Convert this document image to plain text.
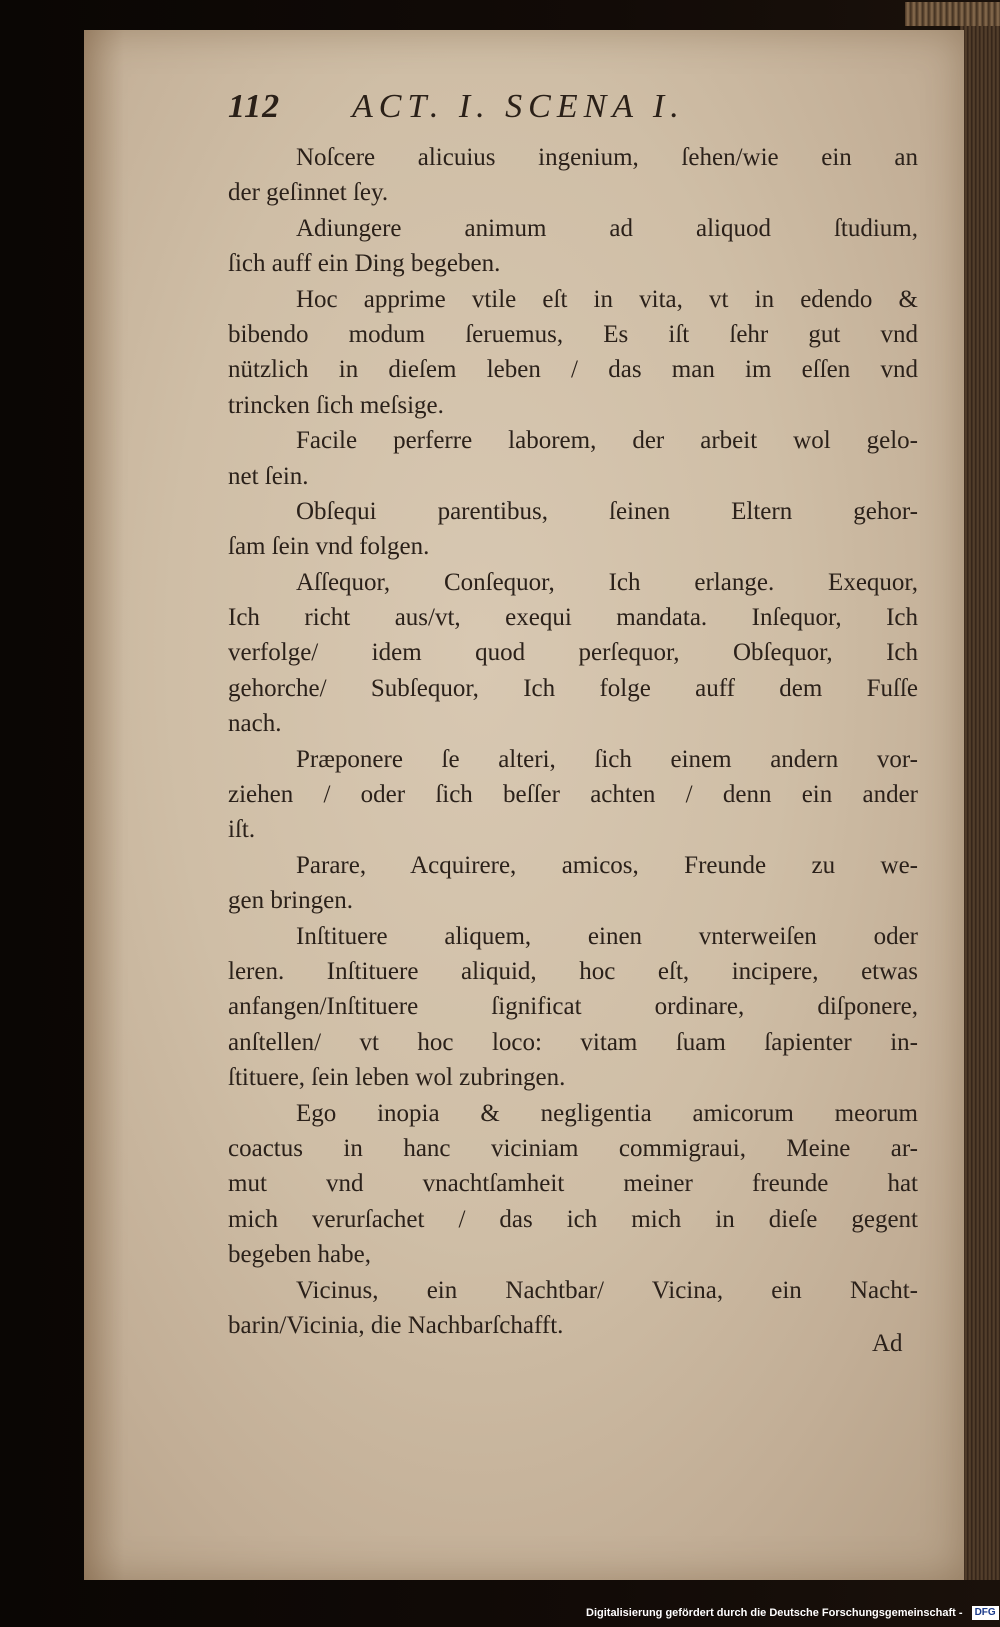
112 ACT. I. SCENA I.
Noſcere alicuius ingenium, ſehen/wie ein an
der geſinnet ſey.
Adiungere animum ad aliquod ſtudium,
ſich auff ein Ding begeben.
Hoc apprime vtile eſt in vita, vt in edendo &
bibendo modum ſeruemus, Es iſt ſehr gut vnd
nützlich in dieſem leben / das man im eſſen vnd
trincken ſich meſsige.
Facile perferre laborem, der arbeit wol gelo-
net ſein.
Obſequi parentibus, ſeinen Eltern gehor-
ſam ſein vnd folgen.
Aſſequor, Conſequor, Ich erlange. Exequor,
Ich richt aus/vt, exequi mandata. Inſequor, Ich
verfolge/ idem quod perſequor, Obſequor, Ich
gehorche/ Subſequor, Ich folge auff dem Fuſſe
nach.
Præponere ſe alteri, ſich einem andern vor-
ziehen / oder ſich beſſer achten / denn ein ander
iſt.
Parare, Acquirere, amicos, Freunde zu we-
gen bringen.
Inſtituere aliquem, einen vnterweiſen oder
leren. Inſtituere aliquid, hoc eſt, incipere, etwas
anfangen/Inſtituere ſignificat ordinare, diſponere,
anſtellen/ vt hoc loco: vitam ſuam ſapienter in-
ſtituere, ſein leben wol zubringen.
Ego inopia & negligentia amicorum meorum
coactus in hanc viciniam commigraui, Meine ar-
mut vnd vnachtſamheit meiner freunde hat
mich verurſachet / das ich mich in dieſe gegent
begeben habe,
Vicinus, ein Nachtbar/ Vicina, ein Nacht-
barin/Vicinia, die Nachbarſchafft.
Ad
Digitalisierung gefördert durch die Deutsche Forschungsgemeinschaft - DFG
